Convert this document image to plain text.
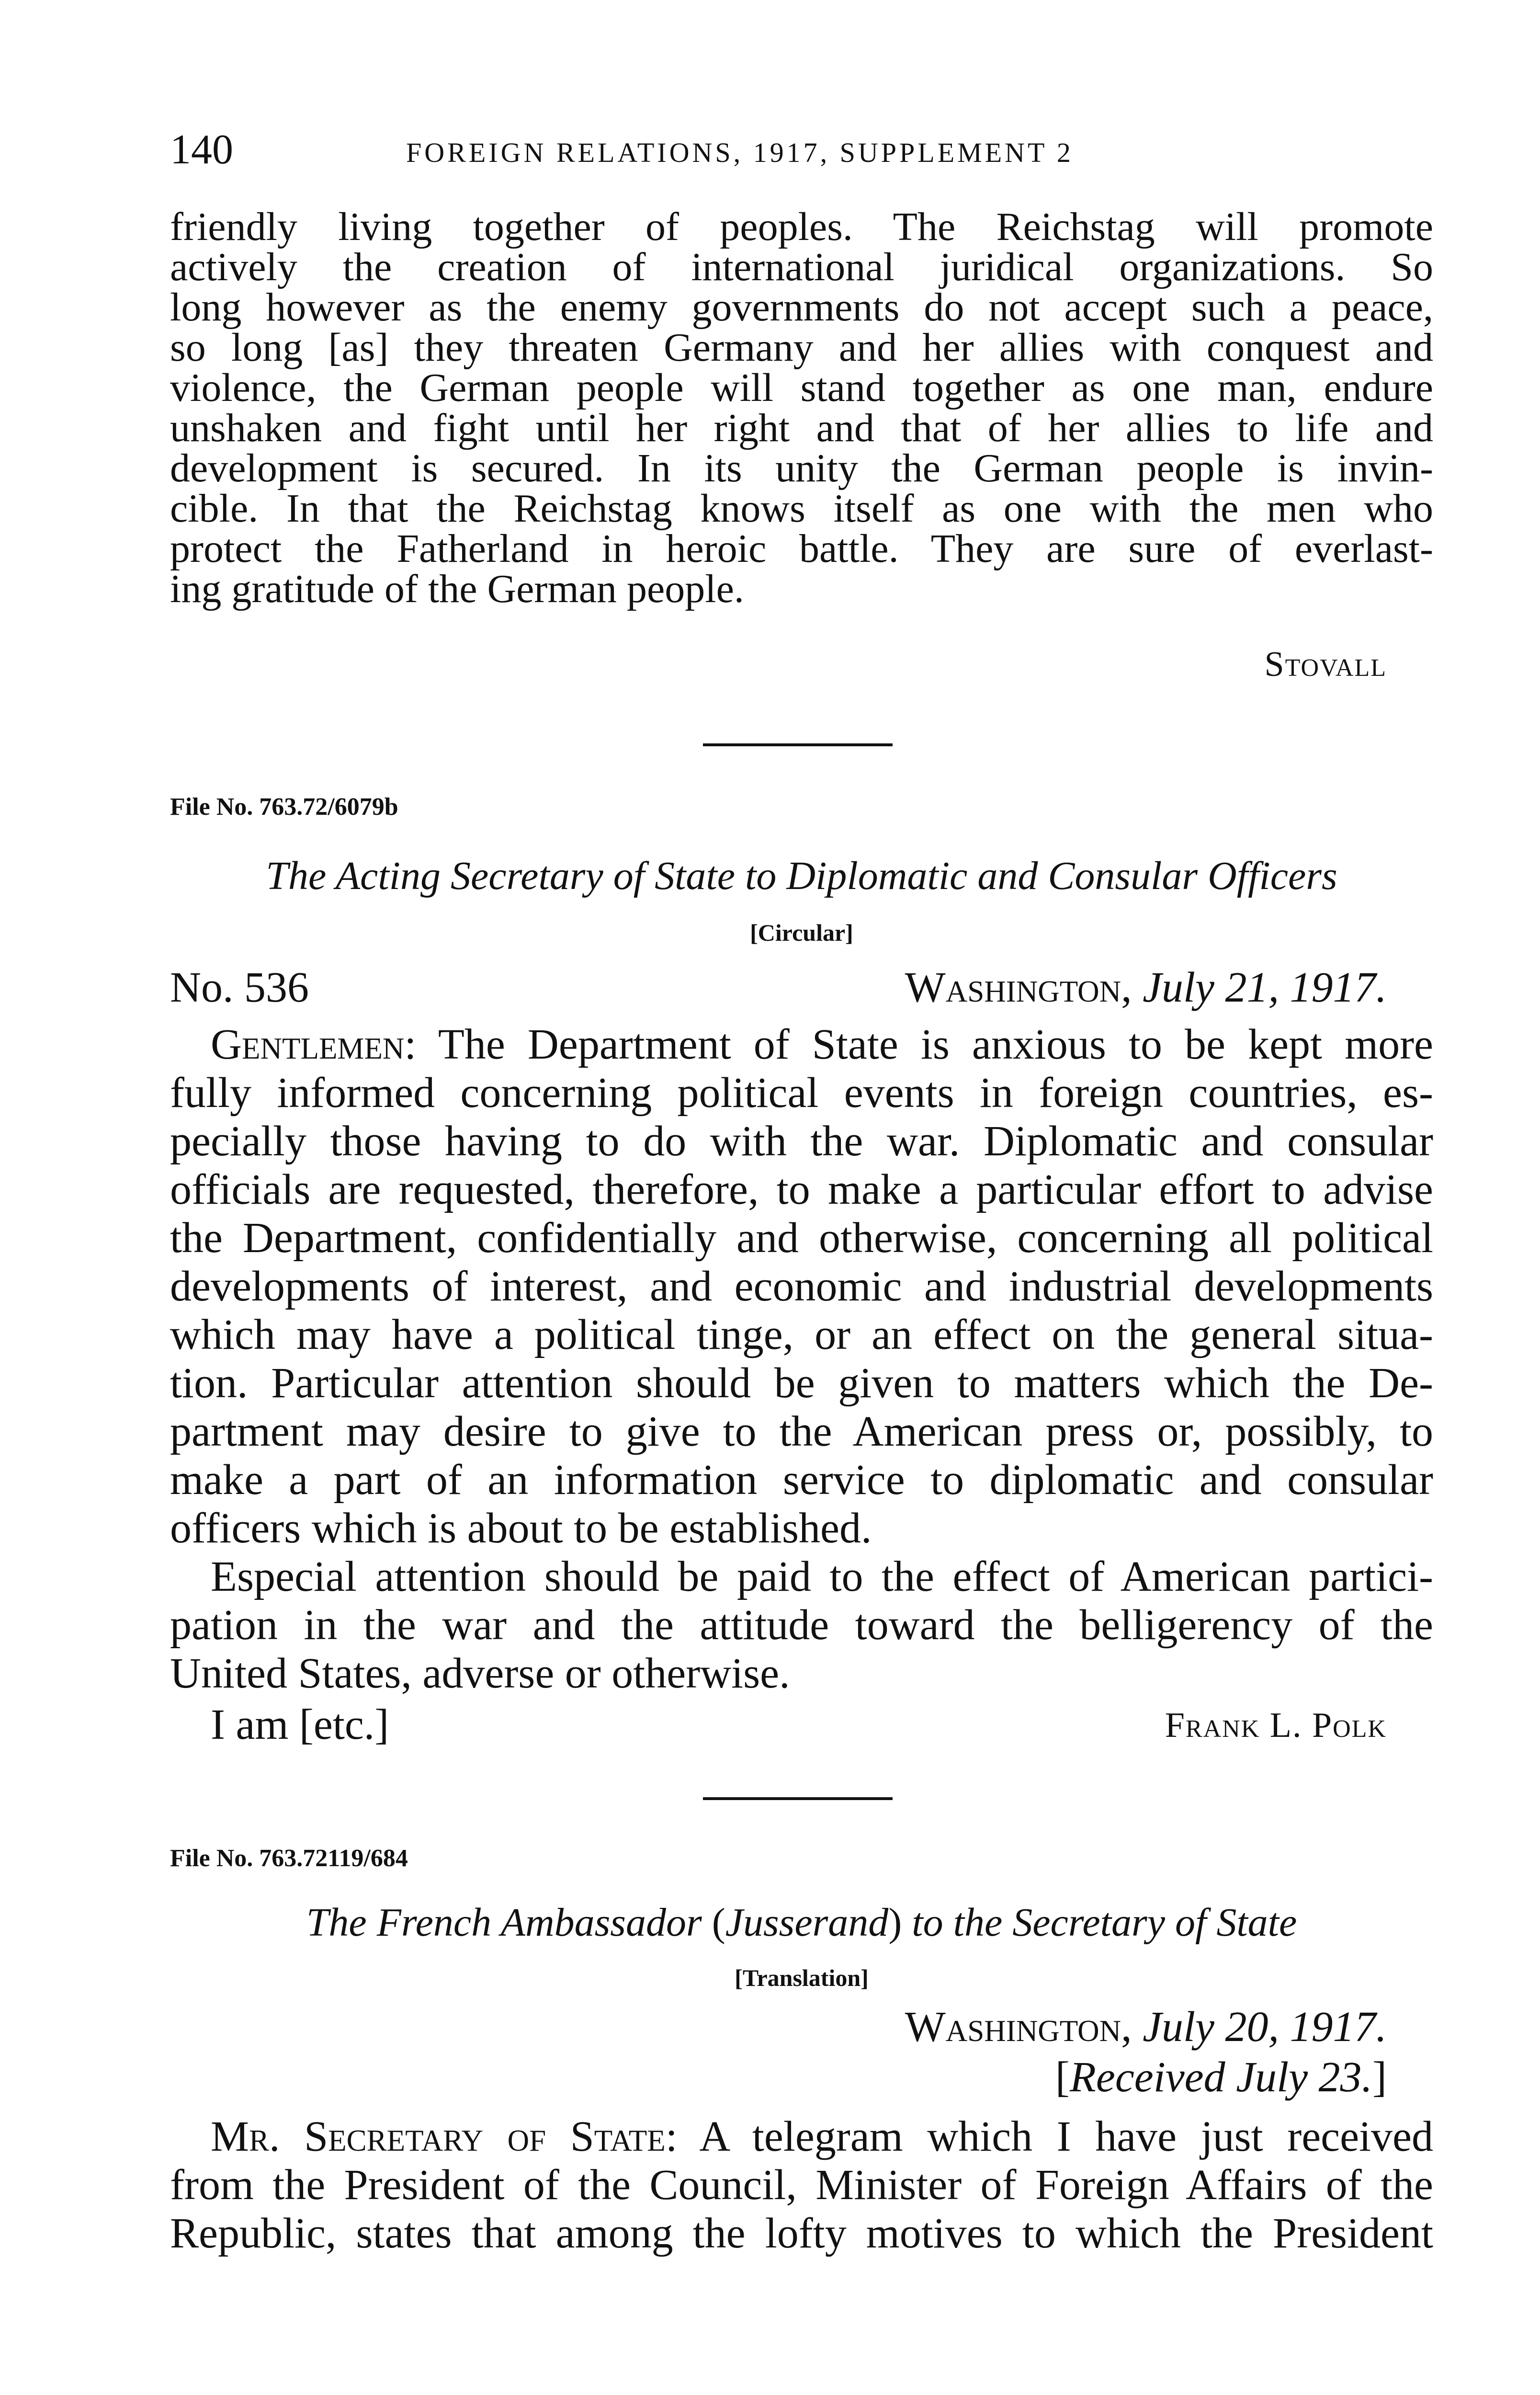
140	FOREIGN RELATIONS, 1917, SUPPLEMENT 2
friendly living together of peoples. The Reichstag will promote
actively the creation of international juridical organizations. So
long however as the enemy governments do not accept such a peace,
so long [as] they threaten Germany and her allies with conquest and
violence, the German people will stand together as one man, endure
unshaken and fight until her right and that of her allies to life and
development is secured. In its unity the German people is invin-
cible. In that the Reichstag knows itself as one with the men who
protect the Fatherland in heroic battle. They are sure of everlast-
ing gratitude of the German people.
Stovall
File No. 763.72/6079b
The Acting Secretary of State to Diplomatic and Consular Officers
[Circular]
No. 536	Washington, July 21, 1917.
Gentlemen: The Department of State is anxious to be kept more
fully informed concerning political events in foreign countries, es-
pecially those having to do with the war. Diplomatic and consular
officials are requested, therefore, to make a particular effort to advise
the Department, confidentially and otherwise, concerning all political
developments of interest, and economic and industrial developments
which may have a political tinge, or an effect on the general situa-
tion. Particular attention should be given to matters which the De-
partment may desire to give to the American press or, possibly, to
make a part of an information service to diplomatic and consular
officers which is about to be established.
Especial attention should be paid to the effect of American partici-
pation in the war and the attitude toward the belligerency of the
United States, adverse or otherwise.
I am [etc.]	Frank L. Polk
File No. 763.72119/684
The French Ambassador (Jusserand) to the Secretary of State
[Translation]
Washington, July 20, 1917.
[Received July 23.]
Mr. Secretary of State: A telegram which I have just received
from the President of the Council, Minister of Foreign Affairs of the
Republic, states that among the lofty motives to which the President
